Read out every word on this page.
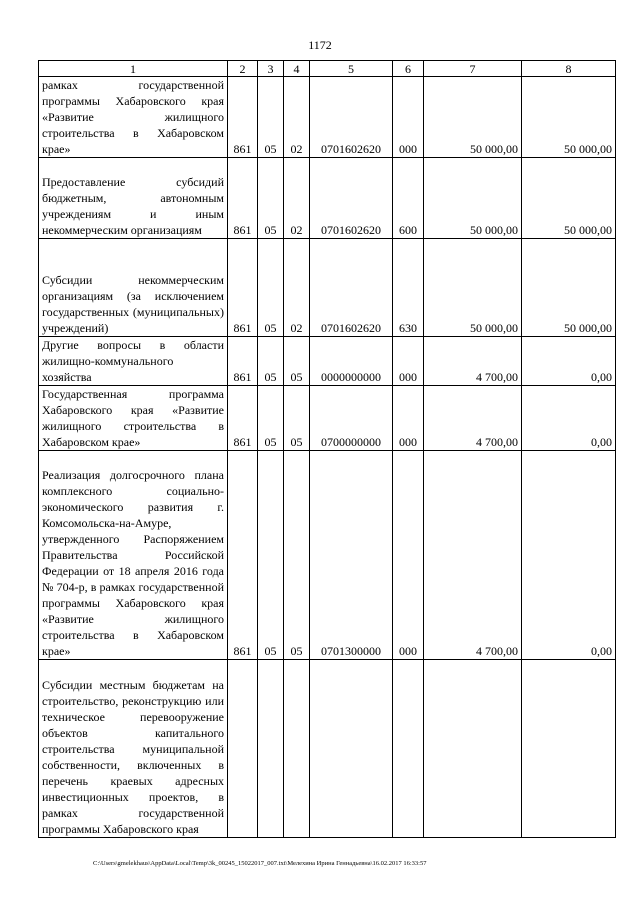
1172
1	2	3	4	5	6	7	8
рамках государственной программы Хабаровского края «Развитие жилищного строительства в Хабаровском крае»	861	05	02	0701602620	000	50 000,00	50 000,00
Предоставление субсидий бюджетным, автономным учреждениям и иным некоммерческим организациям	861	05	02	0701602620	600	50 000,00	50 000,00
Субсидии некоммерческим организациям (за исключением государственных (муниципальных) учреждений)	861	05	02	0701602620	630	50 000,00	50 000,00
Другие вопросы в области жилищно-коммунального хозяйства	861	05	05	0000000000	000	4 700,00	0,00
Государственная программа Хабаровского края «Развитие жилищного строительства в Хабаровском крае»	861	05	05	0700000000	000	4 700,00	0,00
Реализация долгосрочного плана комплексного социально-экономического развития г. Комсомольска-на-Амуре, утвержденного Распоряжением Правительства Российской Федерации от 18 апреля 2016 года № 704-р, в рамках государственной программы Хабаровского края «Развитие жилищного строительства в Хабаровском крае»	861	05	05	0701300000	000	4 700,00	0,00
Субсидии местным бюджетам на строительство, реконструкцию или техническое перевооружение объектов капитального строительства муниципальной собственности, включенных в перечень краевых адресных инвестиционных проектов, в рамках государственной программы Хабаровского края							
C:\Users\gmelekhaus\AppData\Local\Temp\3k_00245_15022017_007.txt\Мелехина Ирина Геннадьевна\16.02.2017 16:33:57
